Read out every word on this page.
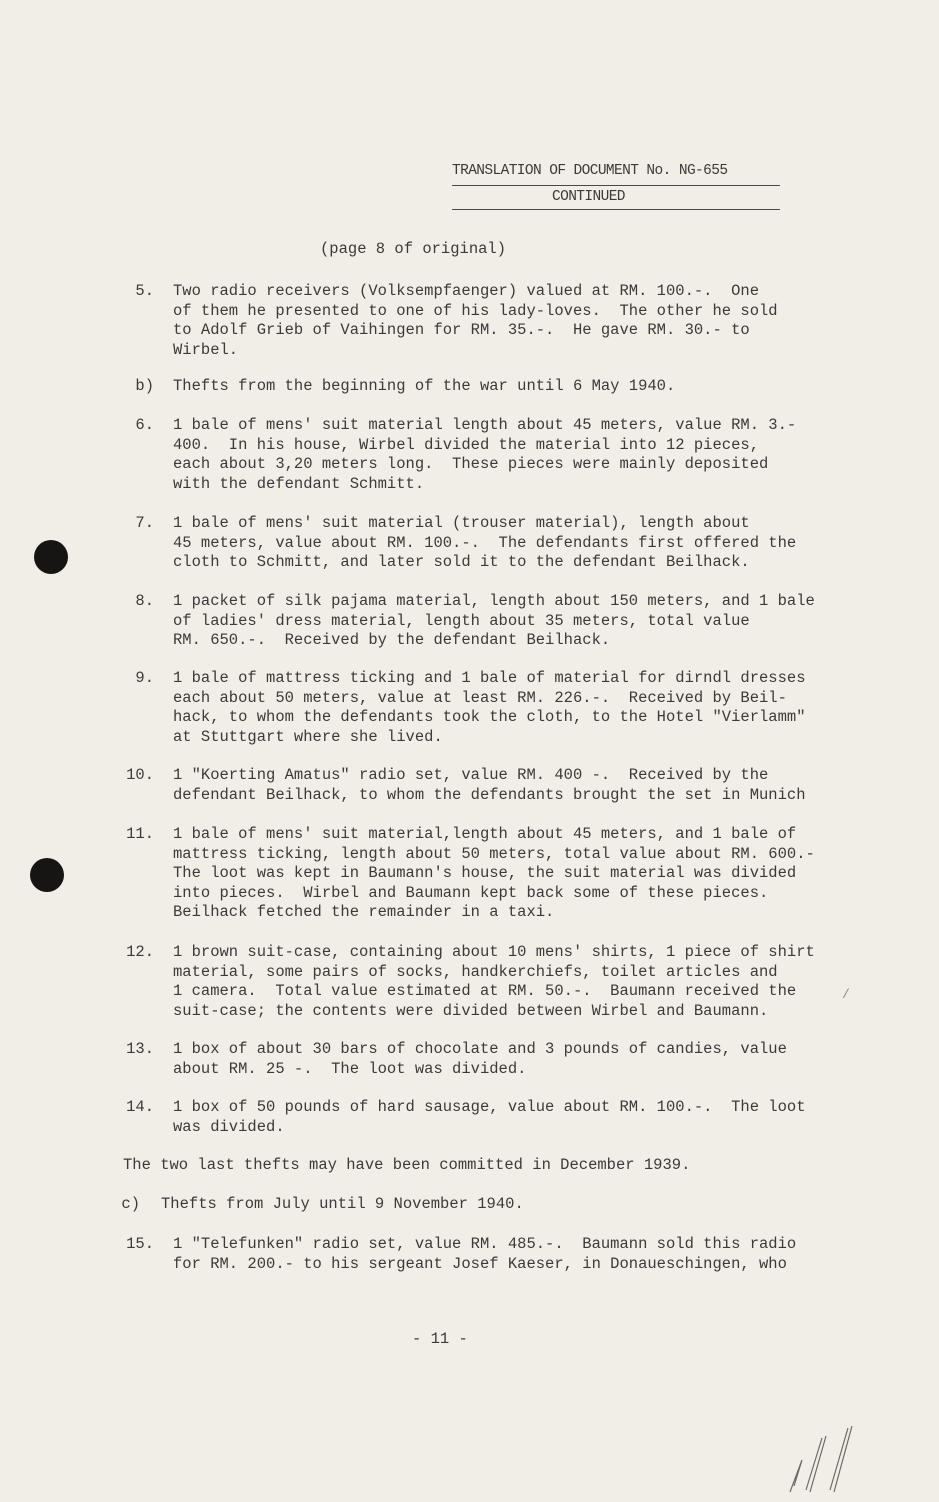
TRANSLATION OF DOCUMENT No. NG-655
CONTINUED
(page 8 of original)
5. Two radio receivers (Volksempfaenger) valued at RM. 100.-.  One
of them he presented to one of his lady-loves.  The other he sold
to Adolf Grieb of Vaihingen for RM. 35.-.  He gave RM. 30.- to
Wirbel.
b) Thefts from the beginning of the war until 6 May 1940.
6. 1 bale of mens' suit material length about 45 meters, value RM. 3.-
400.  In his house, Wirbel divided the material into 12 pieces,
each about 3,20 meters long.  These pieces were mainly deposited
with the defendant Schmitt.
7. 1 bale of mens' suit material (trouser material), length about
45 meters, value about RM. 100.-.  The defendants first offered the
cloth to Schmitt, and later sold it to the defendant Beilhack.
8. 1 packet of silk pajama material, length about 150 meters, and 1 bale
of ladies' dress material, length about 35 meters, total value
RM. 650.-.  Received by the defendant Beilhack.
9. 1 bale of mattress ticking and 1 bale of material for dirndl dresses
each about 50 meters, value at least RM. 226.-.  Received by Beil-
hack, to whom the defendants took the cloth, to the Hotel "Vierlamm"
at Stuttgart where she lived.
10. 1 "Koerting Amatus" radio set, value RM. 400 -.  Received by the
defendant Beilhack, to whom the defendants brought the set in Munich
11. 1 bale of mens' suit material,length about 45 meters, and 1 bale of
mattress ticking, length about 50 meters, total value about RM. 600.-
The loot was kept in Baumann's house, the suit material was divided
into pieces.  Wirbel and Baumann kept back some of these pieces.
Beilhack fetched the remainder in a taxi.
12. 1 brown suit-case, containing about 10 mens' shirts, 1 piece of shirt
material, some pairs of socks, handkerchiefs, toilet articles and
1 camera.  Total value estimated at RM. 50.-.  Baumann received the
suit-case; the contents were divided between Wirbel and Baumann.
13. 1 box of about 30 bars of chocolate and 3 pounds of candies, value
about RM. 25 -.  The loot was divided.
14. 1 box of 50 pounds of hard sausage, value about RM. 100.-.  The loot
was divided.
The two last thefts may have been committed in December 1939.
c) Thefts from July until 9 November 1940.
15. 1 "Telefunken" radio set, value RM. 485.-.  Baumann sold this radio
for RM. 200.- to his sergeant Josef Kaeser, in Donaueschingen, who
- 11 -
/
